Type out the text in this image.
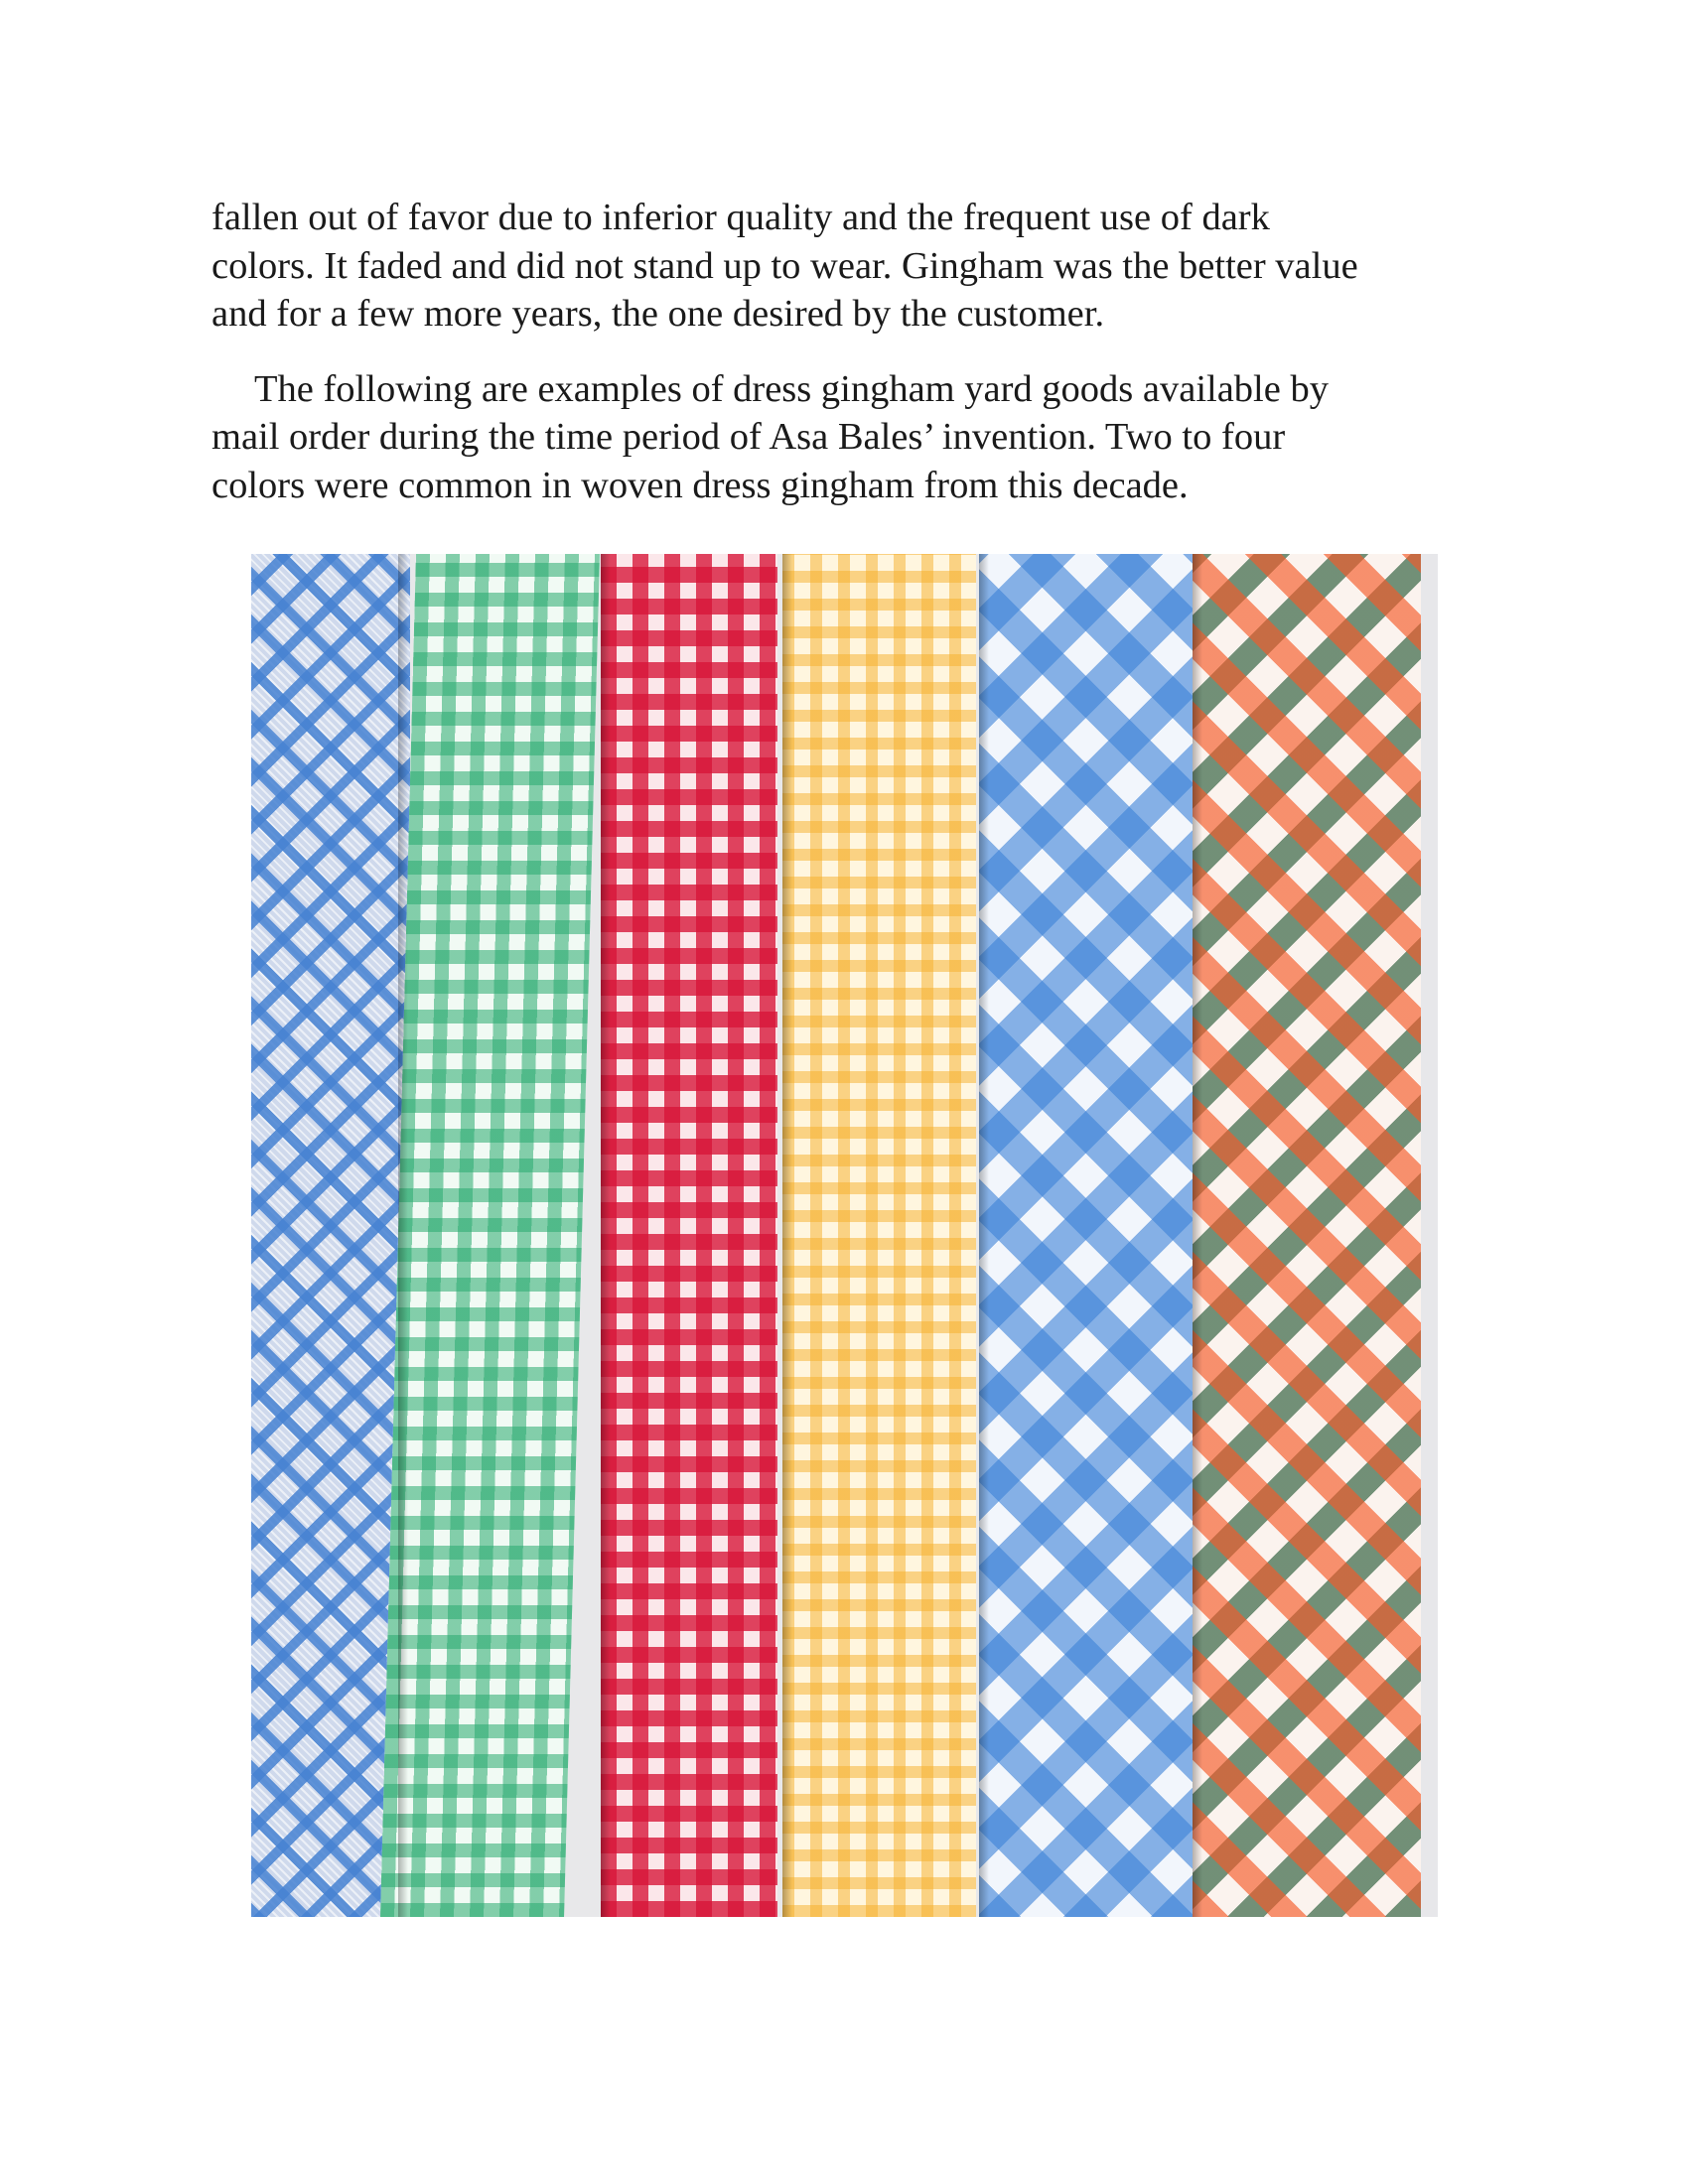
fallen out of favor due to inferior quality and the frequent use of dark
colors. It faded and did not stand up to wear. Gingham was the better value
and for a few more years, the one desired by the customer.

The following are examples of dress gingham yard goods available by
mail order during the time period of Asa Bales’ invention. Two to four
colors were common in woven dress gingham from this decade.
